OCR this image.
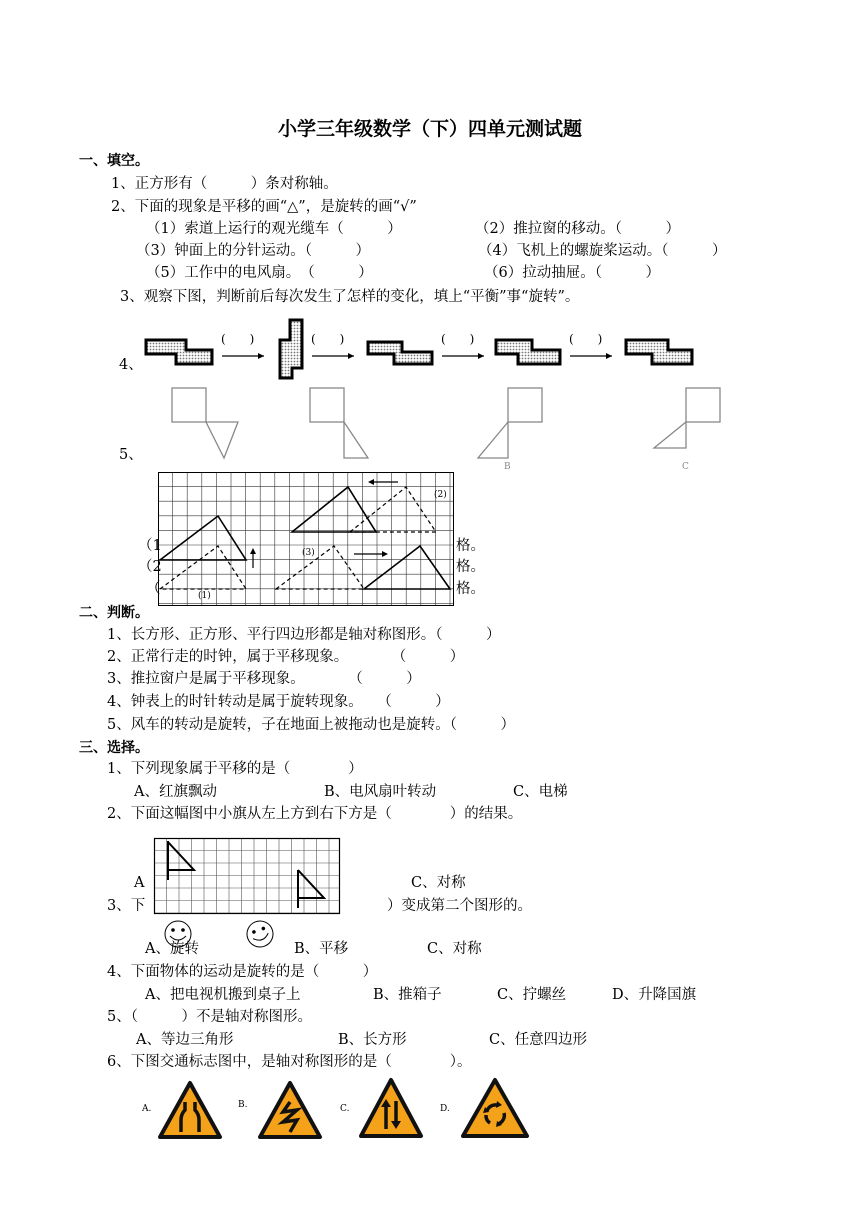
小学三年级数学（下）四单元测试题
一、填空。
1、正方形有（　　　）条对称轴。
2、下面的现象是平移的画“△”，是旋转的画“√”
（1）索道上运行的观光缆车（　　　）	（2）推拉窗的移动。（　　　）
（3）钟面上的分针运动。（　　　）	（4）飞机上的螺旋桨运动。（　　　）
（5）工作中的电风扇。　（　　　）	（6）拉动抽屉。（　　　）
3、观察下图，判断前后每次发生了怎样的变化，填上“平衡”事“旋转”。
4、
(　　)	(　　)	(　　)	(　　)
5、
B	C
（1
（2
（
格。
格。
格。
(1)
(2)
(3)
二、判断。
1、长方形、正方形、平行四边形都是轴对称图形。（　　　）
2、正常行走的时钟，属于平移现象。　　　　（　　　）
3、推拉窗户是属于平移现象。　　　　（　　　）
4、钟表上的时针转动是属于旋转现象。　　（　　　）
5、风车的转动是旋转，子在地面上被拖动也是旋转。（　　　）
三、选择。
1、下列现象属于平移的是（　　　　）
A、红旗飘动	B、电风扇叶转动	C、电梯
2、下面这幅图中小旗从左上方到右下方是（　　　　）的结果。
A	C、对称
3、下	）变成第二个图形的。
A、旋转	B、平移	C、对称
4、下面物体的运动是旋转的是（　　　）
A、把电视机搬到桌子上	B、推箱子	C、拧螺丝	D、升降国旗
5、（　　　）不是轴对称图形。
A、等边三角形	B、长方形	C、任意四边形
6、下图交通标志图中，是轴对称图形的是（　　　　）。
A.	B.	C.	D.
